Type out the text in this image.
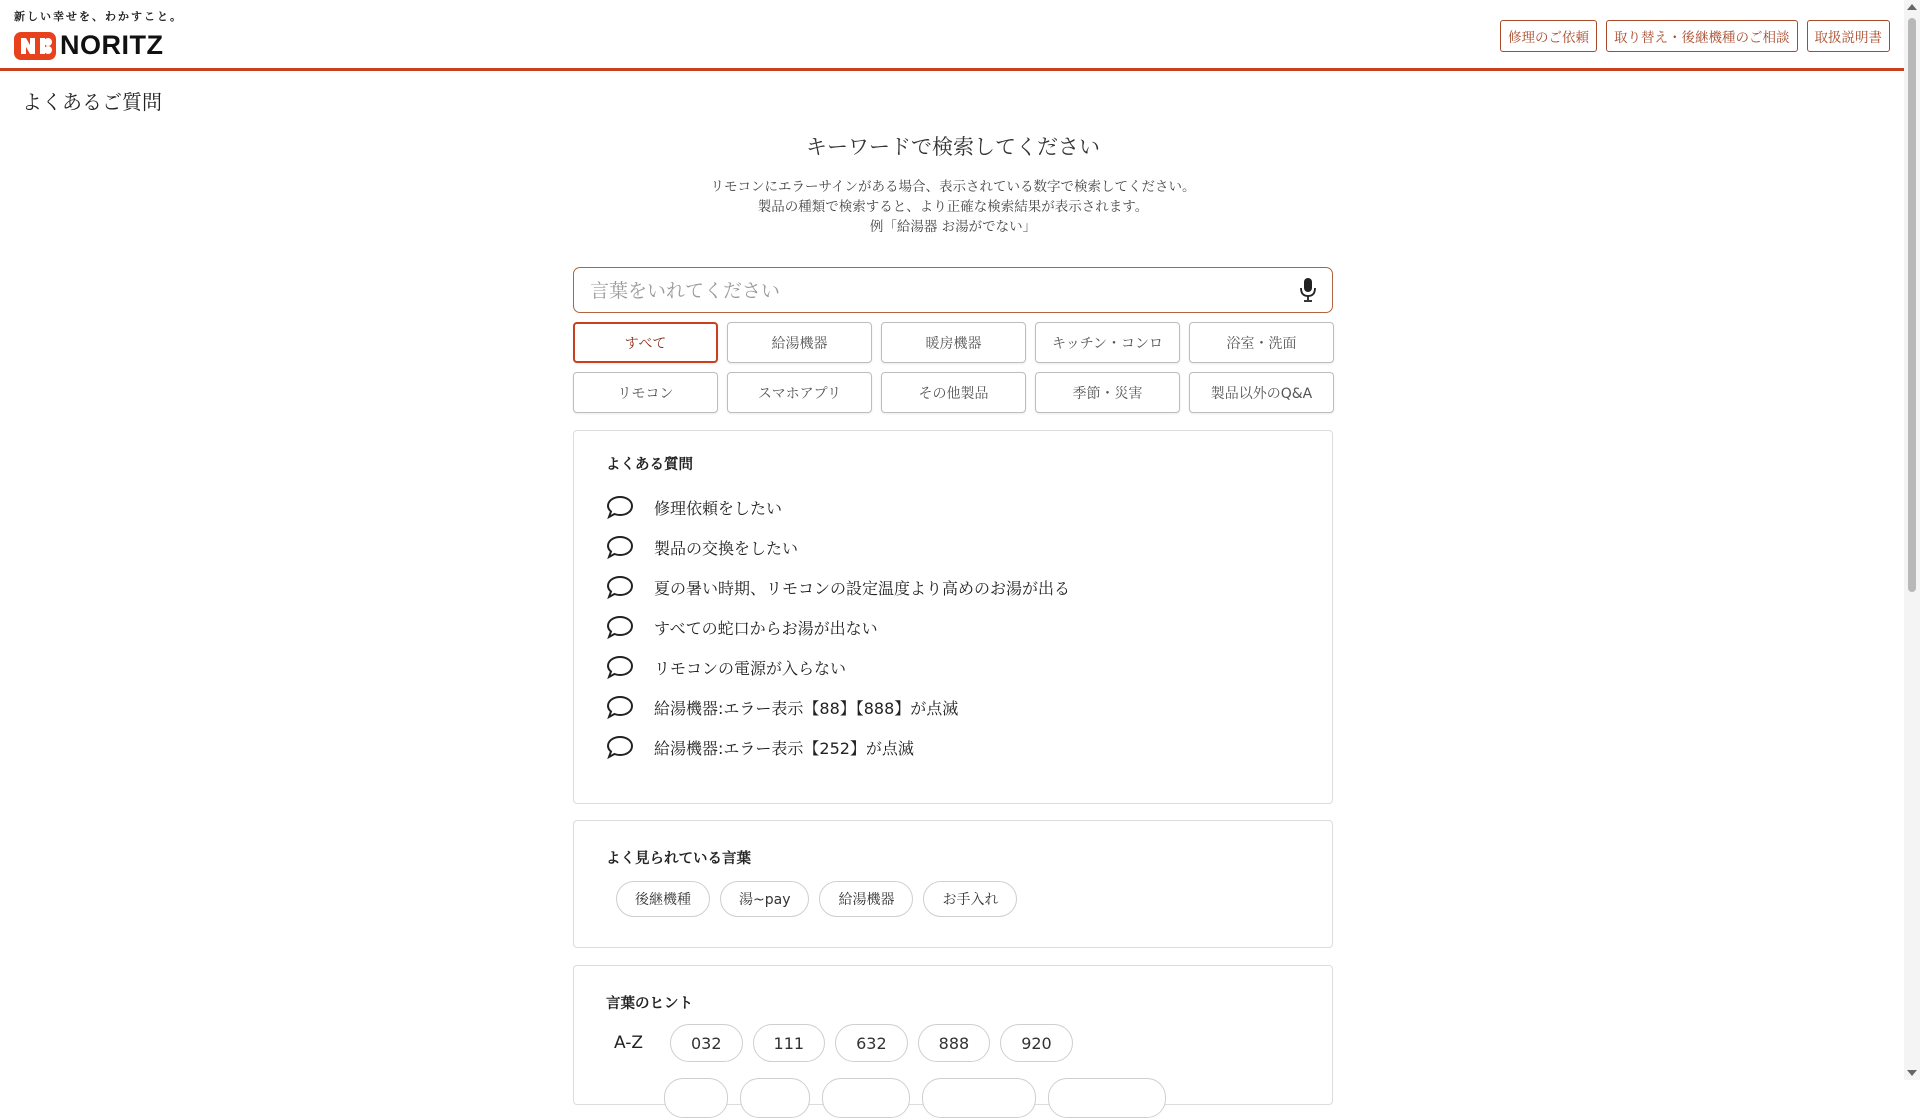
新しい幸せを、わかすこと。
NORITZ	修理のご依頼	取り替え・後継機種のご相談	取扱説明書
よくあるご質問
キーワードで検索してください

リモコンにエラーサインがある場合、表示されている数字で検索してください。
製品の種類で検索すると、より正確な検索結果が表示されます。
例「給湯器 お湯がでない」

言葉をいれてください
すべて	給湯機器	暖房機器	キッチン・コンロ	浴室・洗面
リモコン	スマホアプリ	その他製品	季節・災害	製品以外のQ&A
よくある質問
修理依頼をしたい
製品の交換をしたい
夏の暑い時期、リモコンの設定温度より高めのお湯が出る
すべての蛇口からお湯が出ない
リモコンの電源が入らない
給湯機器:エラー表示【88】【888】が点滅
給湯機器:エラー表示【252】が点滅
よく見られている言葉
後継機種	湯~pay	給湯機器	お手入れ
言葉のヒント
A-Z	032	111	632	888	920
